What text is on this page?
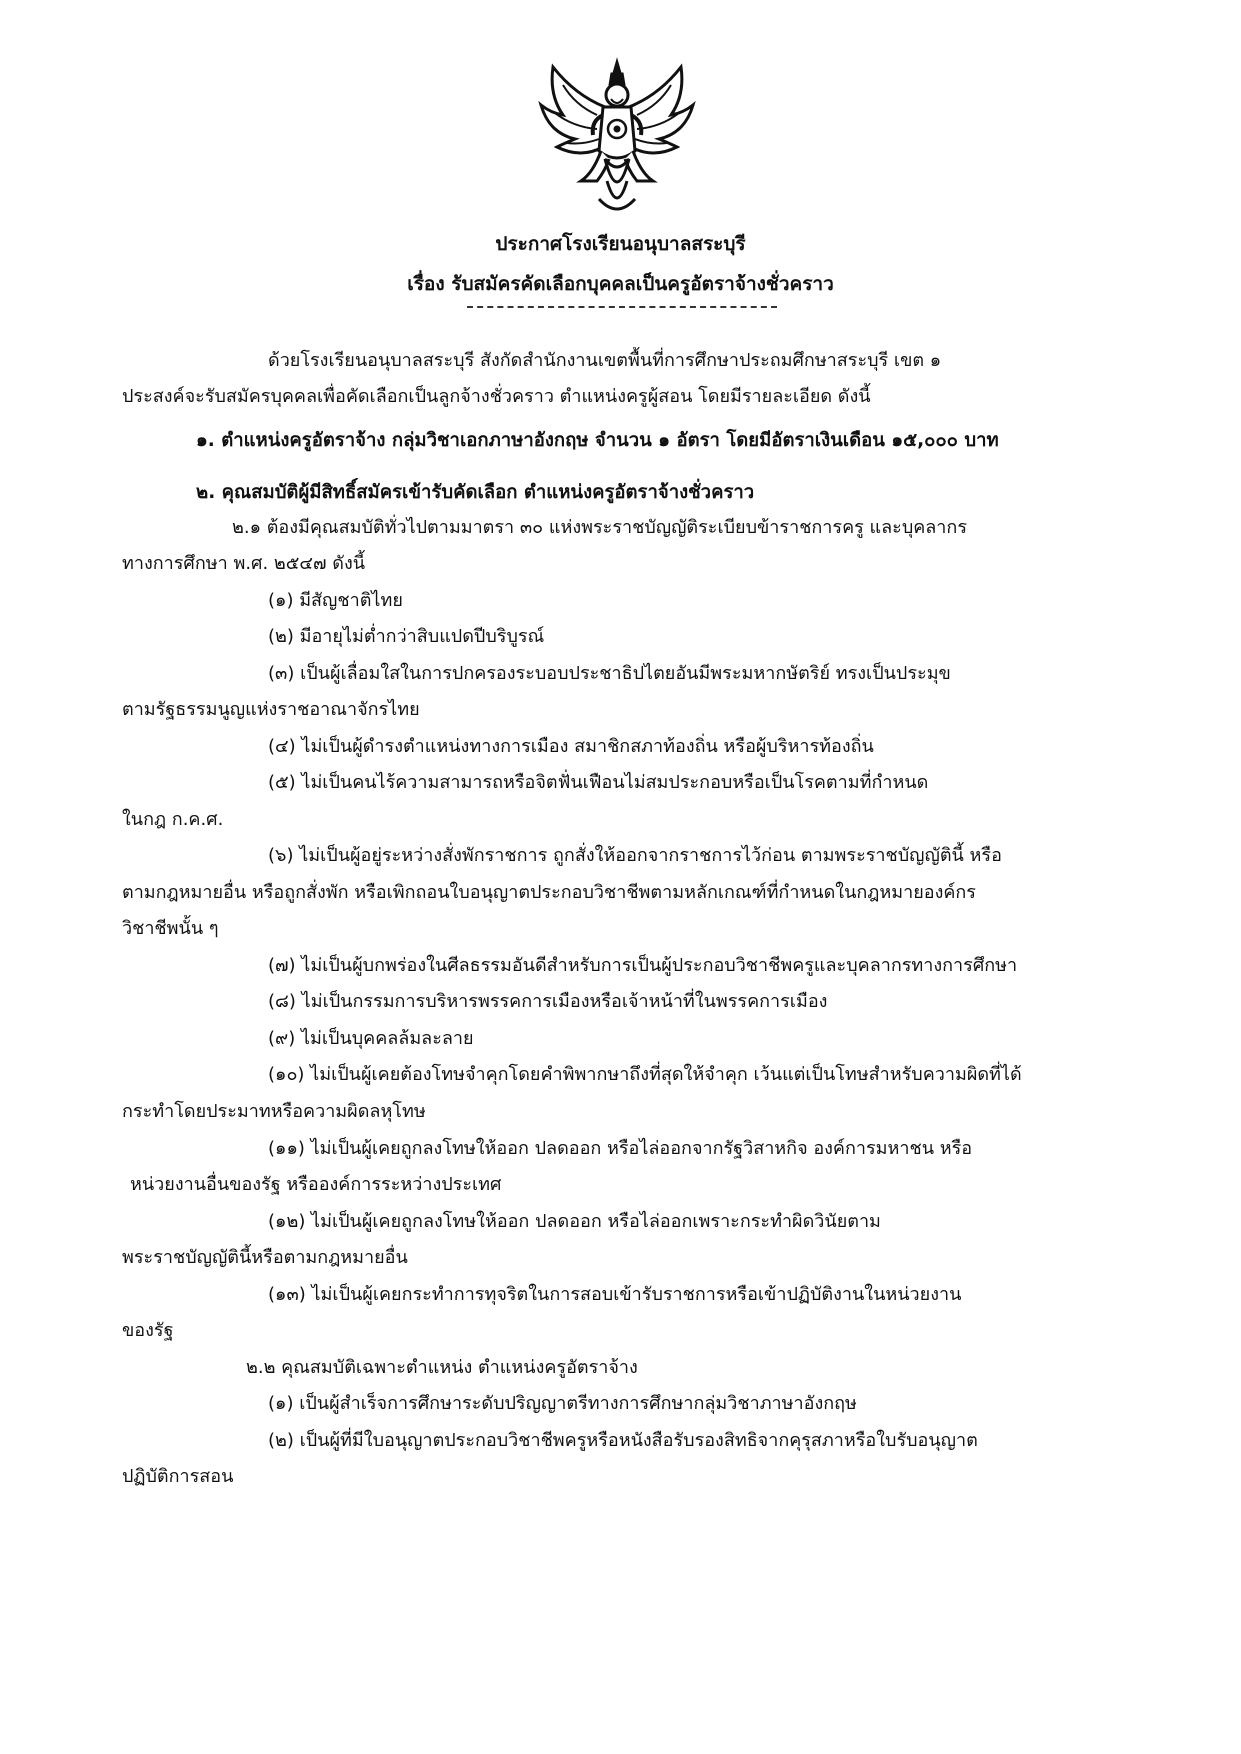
ประกาศโรงเรียนอนุบาลสระบุรี
เรื่อง รับสมัครคัดเลือกบุคคลเป็นครูอัตราจ้างชั่วคราว
ด้วยโรงเรียนอนุบาลสระบุรี สังกัดสำนักงานเขตพื้นที่การศึกษาประถมศึกษาสระบุรี เขต ๑
ประสงค์จะรับสมัครบุคคลเพื่อคัดเลือกเป็นลูกจ้างชั่วคราว ตำแหน่งครูผู้สอน โดยมีรายละเอียด ดังนี้
๑. ตำแหน่งครูอัตราจ้าง กลุ่มวิชาเอกภาษาอังกฤษ จำนวน ๑ อัตรา โดยมีอัตราเงินเดือน ๑๕,๐๐๐ บาท
๒. คุณสมบัติผู้มีสิทธิ์สมัครเข้ารับคัดเลือก ตำแหน่งครูอัตราจ้างชั่วคราว
๒.๑ ต้องมีคุณสมบัติทั่วไปตามมาตรา ๓๐ แห่งพระราชบัญญัติระเบียบข้าราชการครู และบุคลากร
ทางการศึกษา พ.ศ. ๒๕๔๗ ดังนี้
(๑) มีสัญชาติไทย
(๒) มีอายุไม่ต่ำกว่าสิบแปดปีบริบูรณ์
(๓) เป็นผู้เลื่อมใสในการปกครองระบอบประชาธิปไตยอันมีพระมหากษัตริย์ ทรงเป็นประมุข
ตามรัฐธรรมนูญแห่งราชอาณาจักรไทย
(๔) ไม่เป็นผู้ดำรงตำแหน่งทางการเมือง สมาชิกสภาท้องถิ่น หรือผู้บริหารท้องถิ่น
(๕) ไม่เป็นคนไร้ความสามารถหรือจิตฟั่นเฟือนไม่สมประกอบหรือเป็นโรคตามที่กำหนด
ในกฎ ก.ค.ศ.
(๖) ไม่เป็นผู้อยู่ระหว่างสั่งพักราชการ ถูกสั่งให้ออกจากราชการไว้ก่อน ตามพระราชบัญญัตินี้ หรือ
ตามกฎหมายอื่น หรือถูกสั่งพัก หรือเพิกถอนใบอนุญาตประกอบวิชาชีพตามหลักเกณฑ์ที่กำหนดในกฎหมายองค์กร
วิชาชีพนั้น ๆ
(๗) ไม่เป็นผู้บกพร่องในศีลธรรมอันดีสำหรับการเป็นผู้ประกอบวิชาชีพครูและบุคลากรทางการศึกษา
(๘) ไม่เป็นกรรมการบริหารพรรคการเมืองหรือเจ้าหน้าที่ในพรรคการเมือง
(๙) ไม่เป็นบุคคลล้มละลาย
(๑๐) ไม่เป็นผู้เคยต้องโทษจำคุกโดยคำพิพากษาถึงที่สุดให้จำคุก เว้นแต่เป็นโทษสำหรับความผิดที่ได้
กระทำโดยประมาทหรือความผิดลหุโทษ
(๑๑) ไม่เป็นผู้เคยถูกลงโทษให้ออก ปลดออก หรือไล่ออกจากรัฐวิสาหกิจ องค์การมหาชน หรือ
หน่วยงานอื่นของรัฐ หรือองค์การระหว่างประเทศ
(๑๒) ไม่เป็นผู้เคยถูกลงโทษให้ออก ปลดออก หรือไล่ออกเพราะกระทำผิดวินัยตาม
พระราชบัญญัตินี้หรือตามกฎหมายอื่น
(๑๓) ไม่เป็นผู้เคยกระทำการทุจริตในการสอบเข้ารับราชการหรือเข้าปฏิบัติงานในหน่วยงาน
ของรัฐ
๒.๒ คุณสมบัติเฉพาะตำแหน่ง ตำแหน่งครูอัตราจ้าง
(๑) เป็นผู้สำเร็จการศึกษาระดับปริญญาตรีทางการศึกษากลุ่มวิชาภาษาอังกฤษ
(๒) เป็นผู้ที่มีใบอนุญาตประกอบวิชาชีพครูหรือหนังสือรับรองสิทธิจากคุรุสภาหรือใบรับอนุญาต
ปฏิบัติการสอน
